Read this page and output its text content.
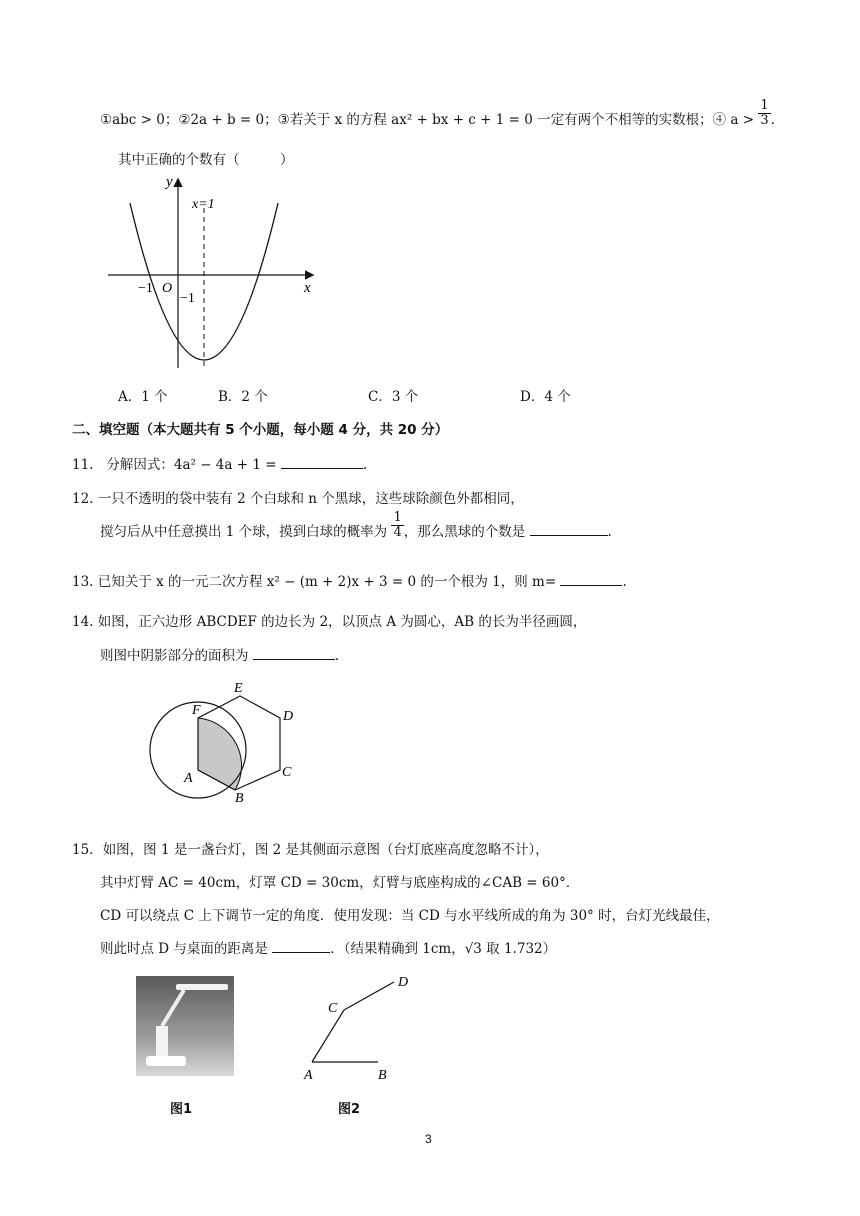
①abc > 0；②2a + b = 0；③若关于 x 的方程 ax² + bx + c + 1 = 0 一定有两个不相等的实数根；④ $a > \frac{1}{3}$ .
其中正确的个数有（　　　）
y
x
x=1
−1 O
−1
A．1 个	B．2 个	C．3 个	D．4 个
二、填空题（本大题共有 5 个小题，每小题 4 分，共 20 分）
11. 分解因式：4a² − 4a + 1 =	.
12. 一只不透明的袋中装有 2 个白球和 n 个黑球，这些球除颜色外都相同，
搅匀后从中任意摸出 1 个球，摸到白球的概率为 $\frac{1}{4}$ ，那么黑球的个数是	.
13. 已知关于 x 的一元二次方程 x² − (m + 2)x + 3 = 0 的一个根为 1，则 m=	.
14. 如图，正六边形 ABCDEF 的边长为 2，以顶点 A 为圆心，AB 的长为半径画圆，
则图中阴影部分的面积为	.
E
F	D
A	C
B
15．如图，图 1 是一盏台灯，图 2 是其侧面示意图（台灯底座高度忽略不计），
其中灯臂 AC = 40cm，灯罩 CD = 30cm，灯臂与底座构成的∠CAB = 60°．
CD 可以绕点 C 上下调节一定的角度．使用发现：当 CD 与水平线所成的角为 30° 时，台灯光线最佳，
则此时点 D 与桌面的距离是	．（结果精确到 1cm，√3 取 1.732）
图1
C
D
A	B
图2
3
